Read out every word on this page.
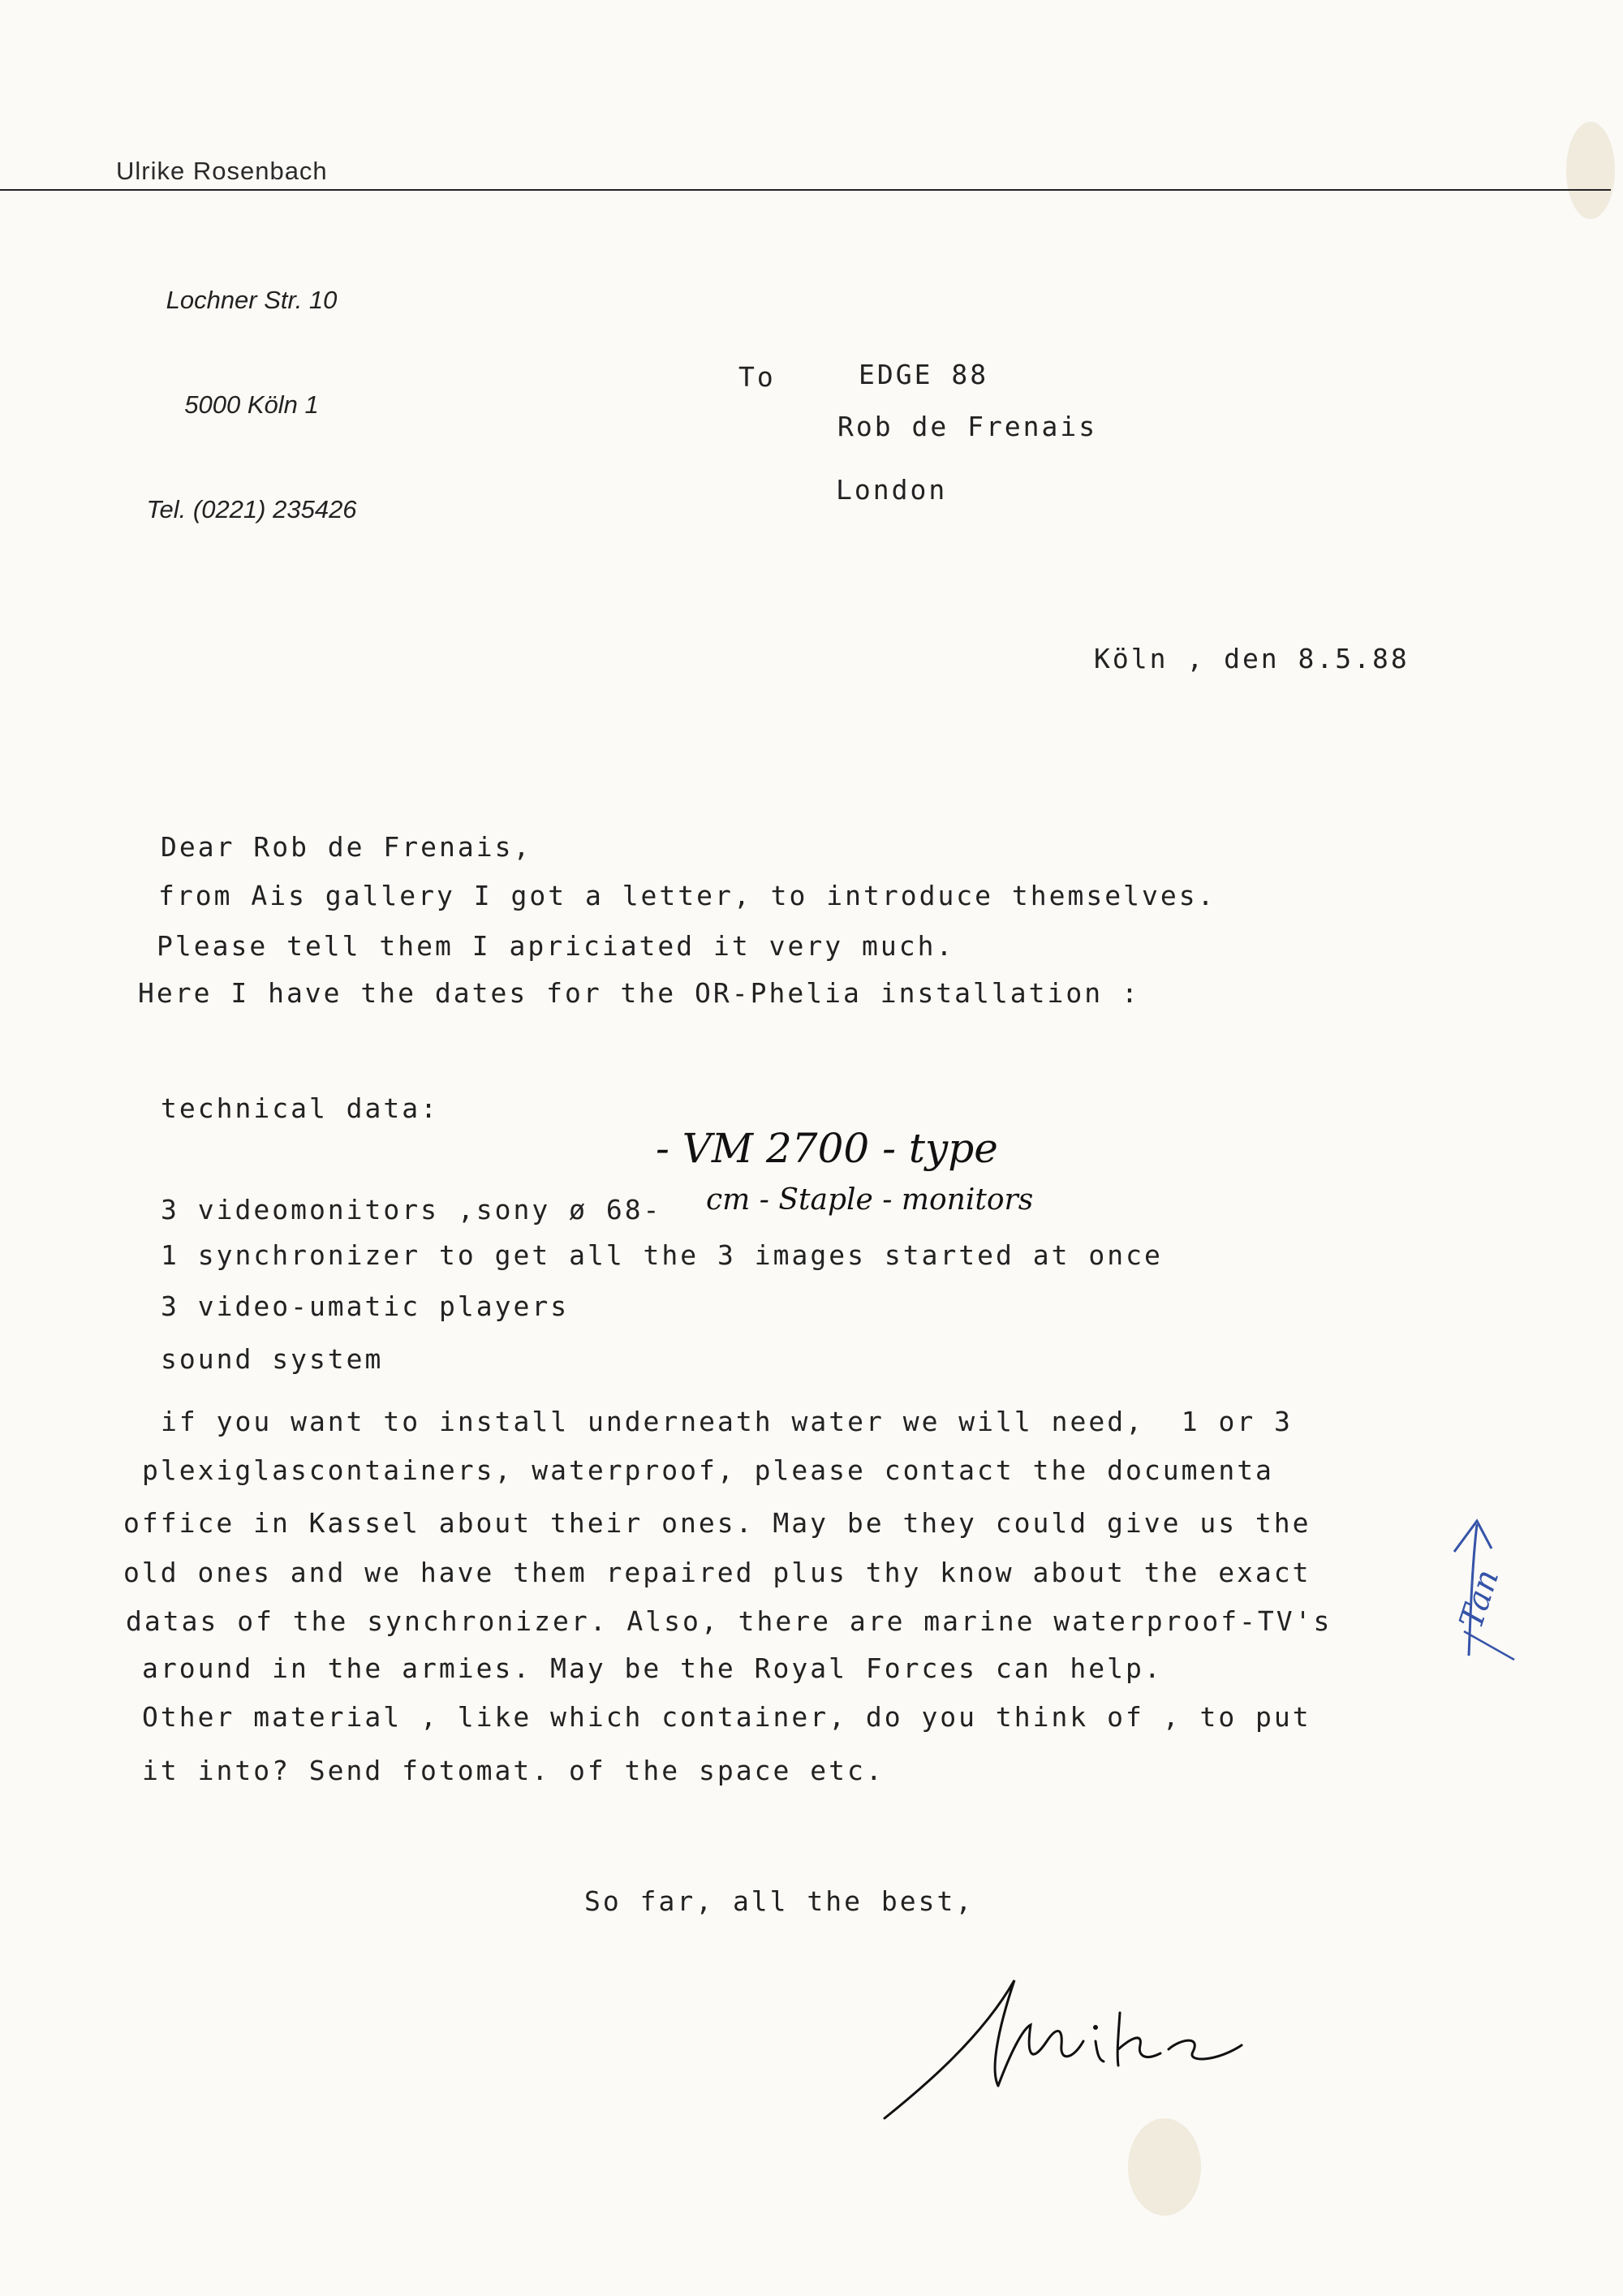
Ulrike Rosenbach

Lochner Str. 10

5000 Köln 1

Tel. (0221) 235426

To	EDGE 88
Rob de Frenais
London
Köln , den 8.5.88
Dear Rob de Frenais,
from Ais gallery I got a letter, to introduce themselves.
Please tell them I apriciated it very much.
Here I have the dates for the OR-Phelia installation :
technical data:
- VM 2700 - type
3 videomonitors ,sony ø 68- cm - Staple - monitors
1 synchronizer to get all the 3 images started at once
3 video-umatic players
sound system
if you want to install underneath water we will need,  1 or 3
plexiglascontainers, waterproof, please contact the documenta
office in Kassel about their ones. May be they could give us the
old ones and we have them repaired plus thy know about the exact
datas of the synchronizer. Also, there are marine waterproof-TV's
around in the armies. May be the Royal Forces can help.
Other material , like which container, do you think of , to put
it into? Send fotomat. of the space etc.
Tan
So far, all the best,
